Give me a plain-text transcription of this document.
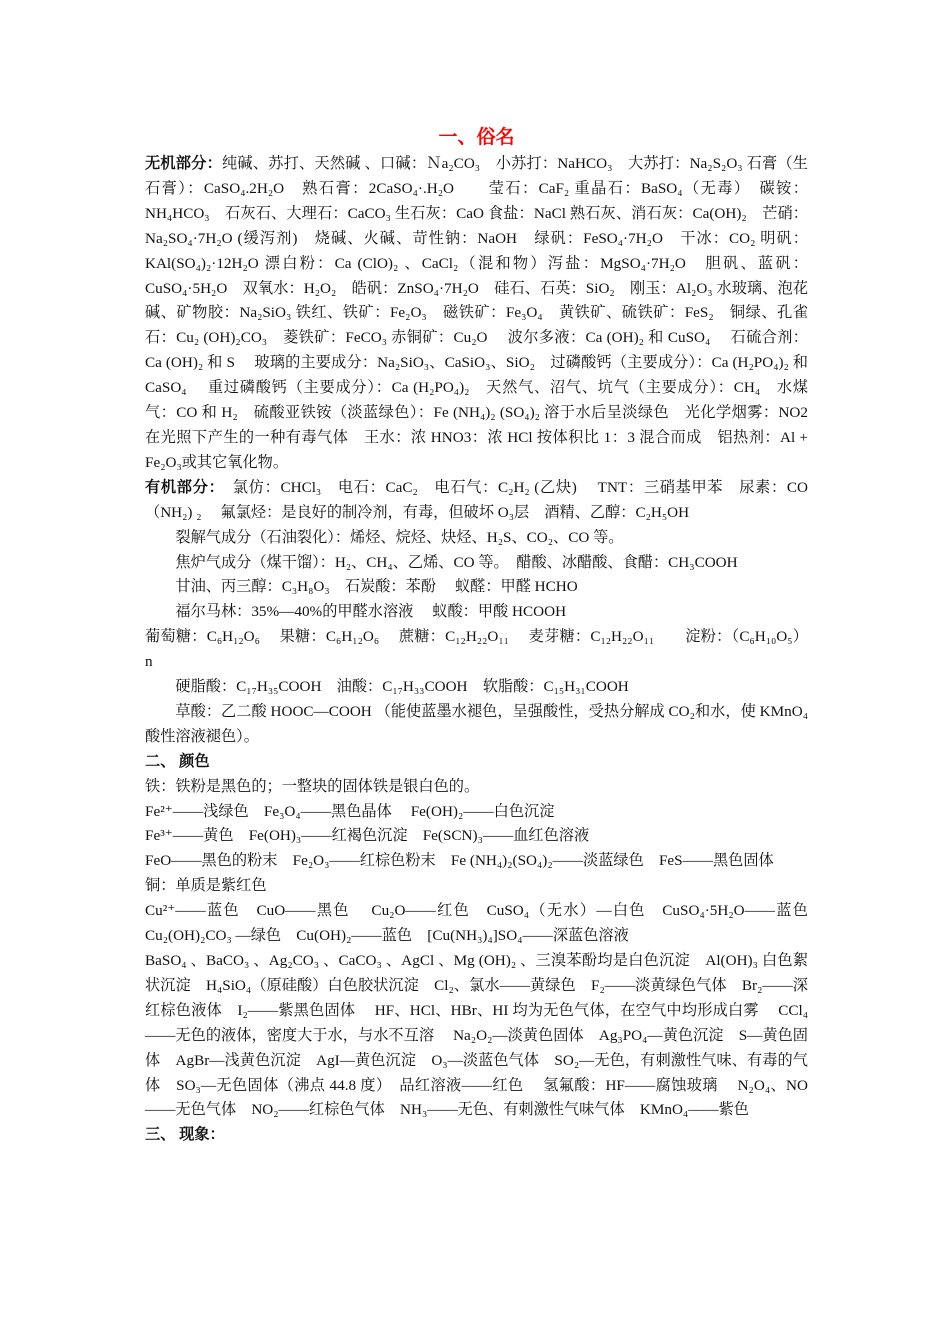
一、俗名

无机部分：纯碱、苏打、天然碱 、口碱：Ｎa₂CO₃　小苏打：NaHCO₃　大苏打：Na₂S₂O₃ 石膏（生石膏）：CaSO₄.2H₂O　熟石膏：2CaSO₄·.H₂O　　莹石：CaF₂ 重晶石：BaSO₄（无毒）　碳铵：NH₄HCO₃　石灰石、大理石：CaCO₃ 生石灰：CaO 食盐：NaCl 熟石灰、消石灰：Ca(OH)₂　芒硝：Na₂SO₄·7H₂O (缓泻剂)　烧碱、火碱、苛性钠：NaOH　绿矾：FeSO₄·7H₂O　干冰：CO₂ 明矾：KAl(SO₄)₂·12H₂O 漂白粉：Ca (ClO)₂ 、CaCl₂（混和物）泻盐：MgSO₄·7H₂O　胆矾、蓝矾：CuSO₄·5H₂O　双氧水：H₂O₂　皓矾：ZnSO₄·7H₂O　硅石、石英：SiO₂　刚玉：Al₂O₃ 水玻璃、泡花碱、矿物胶：Na₂SiO₃ 铁红、铁矿：Fe₂O₃　磁铁矿：Fe₃O₄　黄铁矿、硫铁矿：FeS₂　铜绿、孔雀石：Cu₂ (OH)₂CO₃　菱铁矿：FeCO₃ 赤铜矿：Cu₂O　 波尔多液：Ca (OH)₂ 和 CuSO₄　 石硫合剂：Ca (OH)₂ 和 S　 玻璃的主要成分：Na₂SiO₃、CaSiO₃、SiO₂　过磷酸钙（主要成分）：Ca (H₂PO₄)₂ 和 CaSO₄　 重过磷酸钙（主要成分）：Ca (H₂PO₄)₂　天然气、沼气、坑气（主要成分）：CH₄　水煤气：CO 和 H₂　硫酸亚铁铵（淡蓝绿色）：Fe (NH₄)₂ (SO₄)₂ 溶于水后呈淡绿色　光化学烟雾：NO2 在光照下产生的一种有毒气体　王水：浓 HNO3：浓 HCl 按体积比 1：3 混合而成　铝热剂：Al + Fe₂O₃或其它氧化物。

有机部分：　氯仿：CHCl₃　电石：CaC₂　电石气：C₂H₂ (乙炔)　 TNT：三硝基甲苯　尿素：CO（NH₂) ₂　 氟氯烃：是良好的制冷剂，有毒，但破坏 O₃层　酒精、乙醇：C₂H₅OH

裂解气成分（石油裂化）：烯烃、烷烃、炔烃、H₂S、CO₂、CO 等。

焦炉气成分（煤干馏）：H₂、CH₄、乙烯、CO 等。　醋酸、冰醋酸、食醋：CH₃COOH

甘油、丙三醇：C₃H₈O₃　石炭酸：苯酚　 蚁醛：甲醛 HCHO

福尔马林：35%—40%的甲醛水溶液　 蚁酸：甲酸 HCOOH

葡萄糖：C₆H₁₂O₆　 果糖：C₆H₁₂O₆　 蔗糖：C₁₂H₂₂O₁₁　 麦芽糖：C₁₂H₂₂O₁₁　　淀粉：（C₆H₁₀O₅）n

硬脂酸：C₁₇H₃₅COOH　油酸：C₁₇H₃₃COOH　软脂酸：C₁₅H₃₁COOH

草酸：乙二酸 HOOC—COOH （能使蓝墨水褪色，呈强酸性，受热分解成 CO₂和水，使 KMnO₄酸性溶液褪色）。

二、 颜色

铁：铁粉是黑色的；一整块的固体铁是银白色的。

Fe²⁺——浅绿色　Fe₃O₄——黑色晶体　 Fe(OH)₂——白色沉淀

Fe³⁺——黄色　Fe(OH)₃——红褐色沉淀　Fe(SCN)₃——血红色溶液

FeO——黑色的粉末　Fe₂O₃——红棕色粉末　Fe (NH₄)₂(SO₄)₂——淡蓝绿色　FeS——黑色固体

铜：单质是紫红色

Cu²⁺——蓝色　CuO——黑色　 Cu₂O——红色　CuSO₄（无水）—白色　CuSO₄·5H₂O——蓝色　Cu₂(OH)₂CO₃ —绿色　Cu(OH)₂——蓝色　[Cu(NH₃)₄]SO₄——深蓝色溶液

BaSO₄ 、BaCO₃ 、Ag₂CO₃ 、CaCO₃ 、AgCl 、Mg (OH)₂ 、三溴苯酚均是白色沉淀　Al(OH)₃ 白色絮状沉淀　H₄SiO₄（原硅酸）白色胶状沉淀　Cl₂、氯水——黄绿色　F₂——淡黄绿色气体　Br₂——深红棕色液体　I₂——紫黑色固体　 HF、HCl、HBr、HI 均为无色气体，在空气中均形成白雾　 CCl₄——无色的液体，密度大于水，与水不互溶　 Na₂O₂—淡黄色固体　Ag₃PO₄—黄色沉淀　S—黄色固体　AgBr—浅黄色沉淀　AgI—黄色沉淀　O₃—淡蓝色气体　SO₂—无色，有刺激性气味、有毒的气体　SO₃—无色固体（沸点 44.8 度）　品红溶液——红色　 氢氟酸：HF——腐蚀玻璃　 N₂O₄、NO——无色气体　NO₂——红棕色气体　NH₃——无色、有刺激性气味气体　KMnO₄——紫色

三、 现象：
